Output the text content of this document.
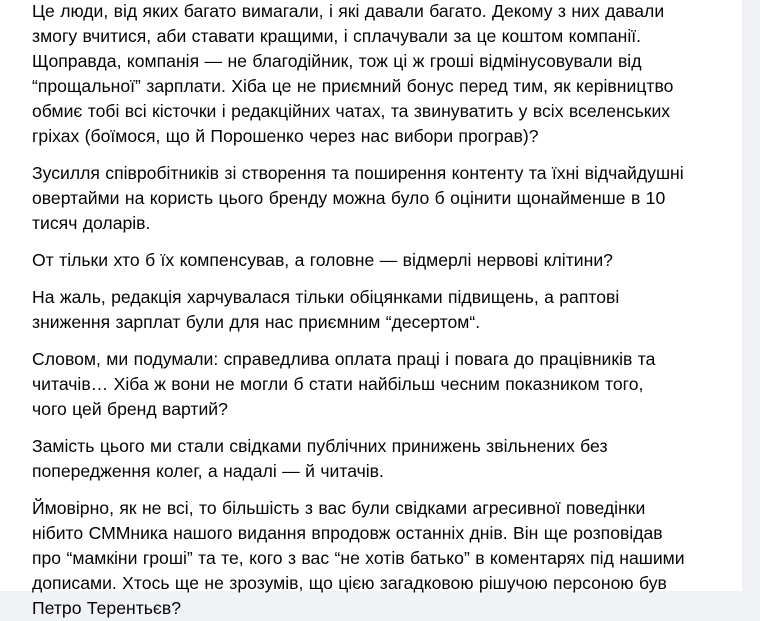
Це люди, від яких багато вимагали, і які давали багато. Декому з них давали
змогу вчитися, аби ставати кращими, і сплачували за це коштом компанії.
Щоправда, компанія — не благодійник, тож ці ж гроші відмінусовували від
“прощальної” зарплати. Хіба це не приємний бонус перед тим, як керівництво
обмиє тобі всі кісточки і редакційних чатах, та звинуватить у всіх вселенських
гріхах (боїмося, що й Порошенко через нас вибори програв)?

Зусилля співробітників зі створення та поширення контенту та їхні відчайдушні
овертайми на користь цього бренду можна було б оцінити щонайменше в 10
тисяч доларів.

От тільки хто б їх компенсував, а головне — відмерлі нервові клітини?

На жаль, редакція харчувалася тільки обіцянками підвищень, а раптові
зниження зарплат були для нас приємним “десертом“.

Словом, ми подумали: справедлива оплата праці і повага до працівників та
читачів… Хіба ж вони не могли б стати найбільш чесним показником того,
чого цей бренд вартий?

Замість цього ми стали свідками публічних принижень звільнених без
попередження колег, а надалі — й читачів.

Ймовірно, як не всі, то більшість з вас були свідками агресивної поведінки
нібито СММника нашого видання впродовж останніх днів. Він ще розповідав
про “мамкіни гроші” та те, кого з вас “не хотів батько” в коментарях під нашими
дописами. Хтось ще не зрозумів, що цією загадковою рішучою персоною був
Петро Терентьєв?
